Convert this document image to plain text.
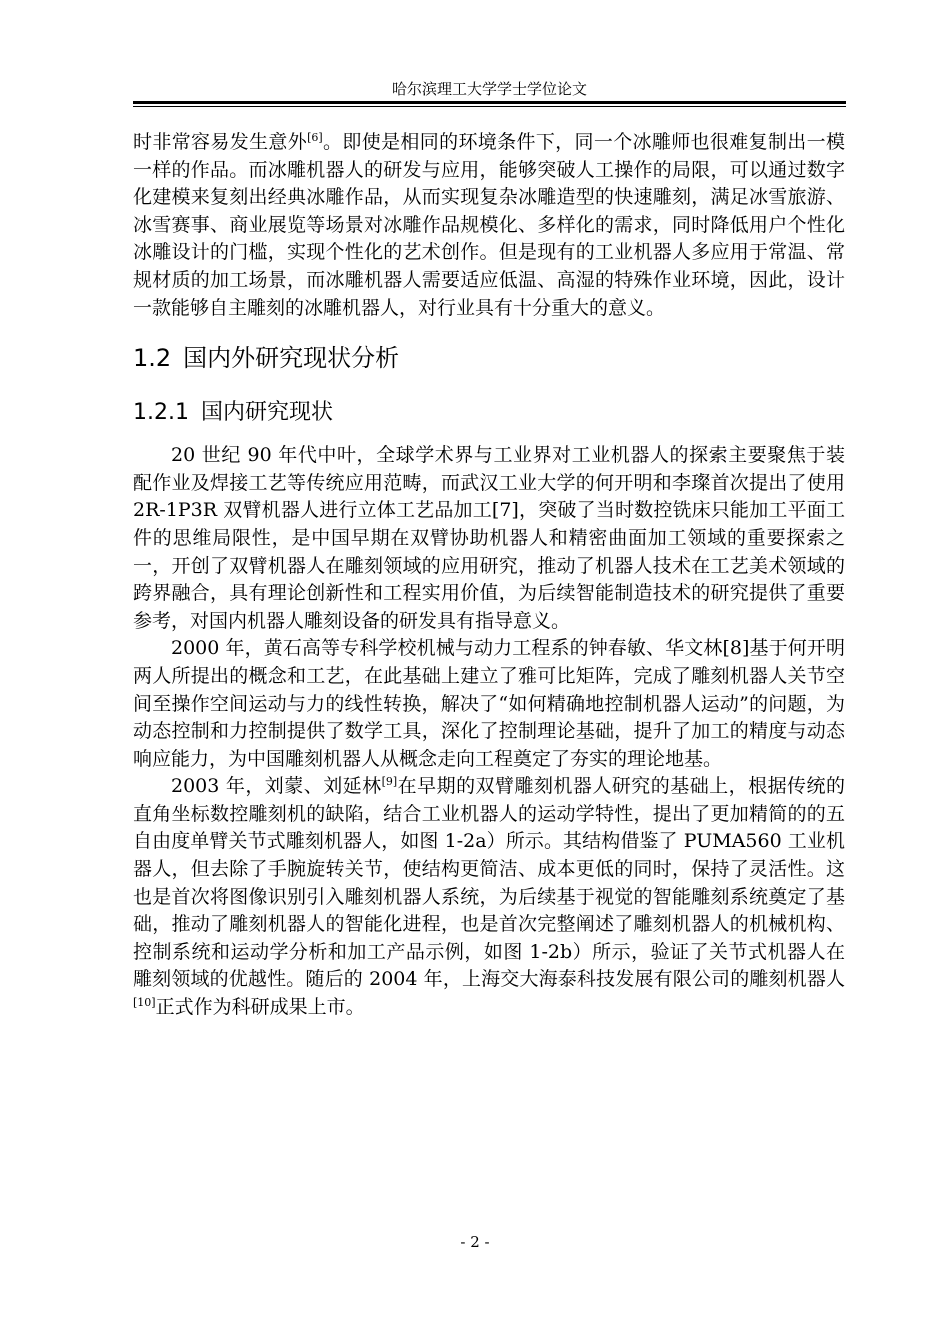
哈尔滨理工大学学士学位论文

时非常容易发生意外[6]。即使是相同的环境条件下，同一个冰雕师也很难复制出一模一样的作品。而冰雕机器人的研发与应用，能够突破人工操作的局限，可以通过数字化建模来复刻出经典冰雕作品，从而实现复杂冰雕造型的快速雕刻，满足冰雪旅游、冰雪赛事、商业展览等场景对冰雕作品规模化、多样化的需求，同时降低用户个性化冰雕设计的门槛，实现个性化的艺术创作。但是现有的工业机器人多应用于常温、常规材质的加工场景，而冰雕机器人需要适应低温、高湿的特殊作业环境，因此，设计一款能够自主雕刻的冰雕机器人，对行业具有十分重大的意义。

1.2 国内外研究现状分析
1.2.1 国内研究现状

20 世纪 90 年代中叶，全球学术界与工业界对工业机器人的探索主要聚焦于装配作业及焊接工艺等传统应用范畴，而武汉工业大学的何开明和李璨首次提出了使用 2R-1P3R 双臂机器人进行立体工艺品加工[7]，突破了当时数控铣床只能加工平面工件的思维局限性，是中国早期在双臂协助机器人和精密曲面加工领域的重要探索之一，开创了双臂机器人在雕刻领域的应用研究，推动了机器人技术在工艺美术领域的跨界融合，具有理论创新性和工程实用价值，为后续智能制造技术的研究提供了重要参考，对国内机器人雕刻设备的研发具有指导意义。

2000 年，黄石高等专科学校机械与动力工程系的钟春敏、华文林[8]基于何开明两人所提出的概念和工艺，在此基础上建立了雅可比矩阵，完成了雕刻机器人关节空间至操作空间运动与力的线性转换，解决了“如何精确地控制机器人运动”的问题，为动态控制和力控制提供了数学工具，深化了控制理论基础，提升了加工的精度与动态响应能力，为中国雕刻机器人从概念走向工程奠定了夯实的理论地基。

2003 年，刘蒙、刘延林[9]在早期的双臂雕刻机器人研究的基础上，根据传统的直角坐标数控雕刻机的缺陷，结合工业机器人的运动学特性，提出了更加精简的的五自由度单臂关节式雕刻机器人，如图 1-2a）所示。其结构借鉴了 PUMA560 工业机器人，但去除了手腕旋转关节，使结构更简洁、成本更低的同时，保持了灵活性。这也是首次将图像识别引入雕刻机器人系统，为后续基于视觉的智能雕刻系统奠定了基础，推动了雕刻机器人的智能化进程，也是首次完整阐述了雕刻机器人的机械机构、控制系统和运动学分析和加工产品示例，如图 1-2b）所示，验证了关节式机器人在雕刻领域的优越性。随后的 2004 年，上海交大海泰科技发展有限公司的雕刻机器人[10]正式作为科研成果上市。

- 2 -
